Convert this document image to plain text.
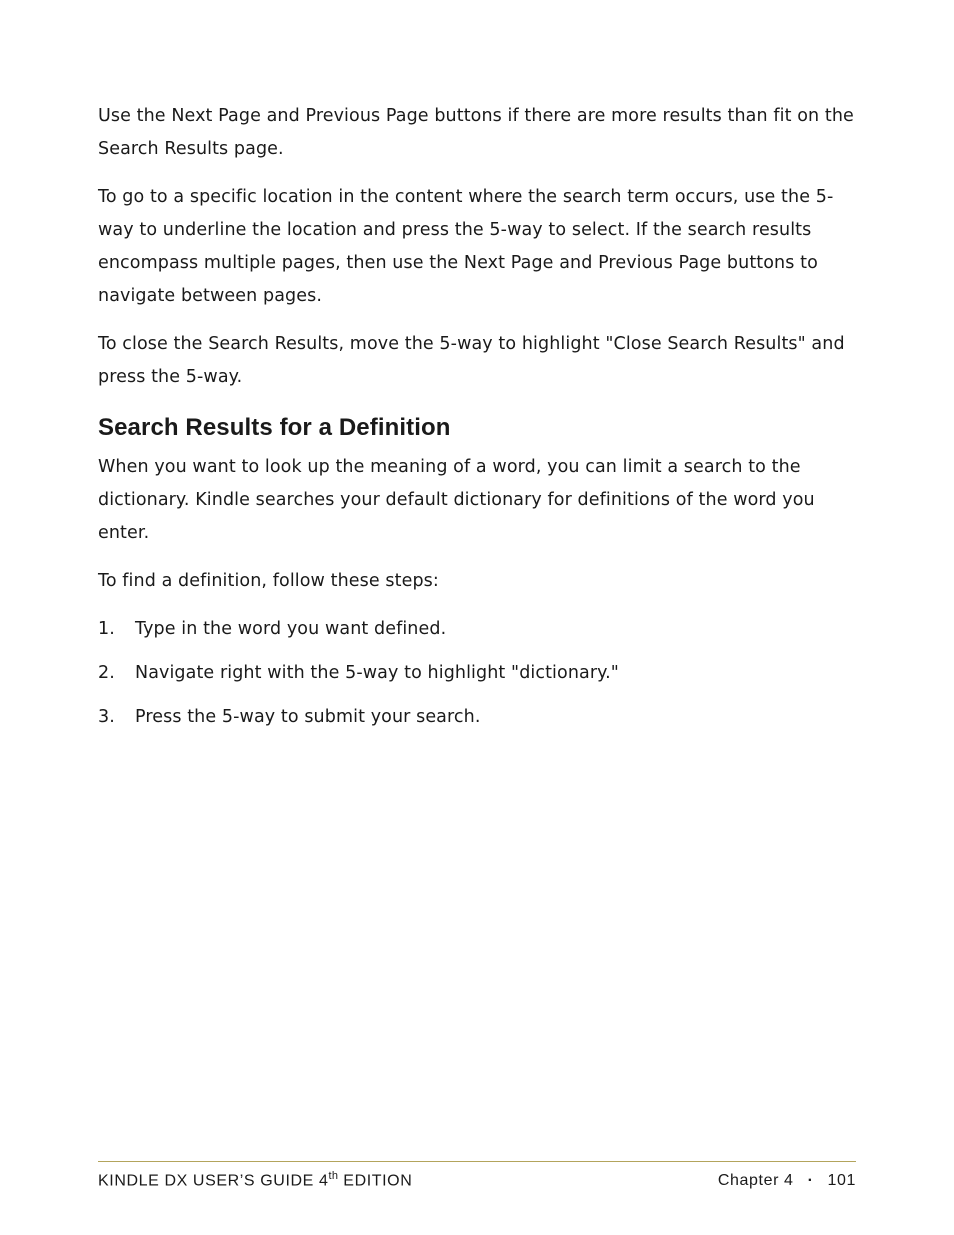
Use the Next Page and Previous Page buttons if there are more results than fit on the Search Results page.

To go to a specific location in the content where the search term occurs, use the 5-way to underline the location and press the 5-way to select. If the search results encompass multiple pages, then use the Next Page and Previous Page buttons to navigate between pages.

To close the Search Results, move the 5-way to highlight "Close Search Results" and press the 5-way.

Search Results for a Definition

When you want to look up the meaning of a word, you can limit a search to the dictionary. Kindle searches your default dictionary for definitions of the word you enter.

To find a definition, follow these steps:

1.	Type in the word you want defined.
2.	Navigate right with the 5-way to highlight "dictionary."
3.	Press the 5-way to submit your search.
KINDLE DX USER’S GUIDE 4th EDITION	Chapter 4 · 101
